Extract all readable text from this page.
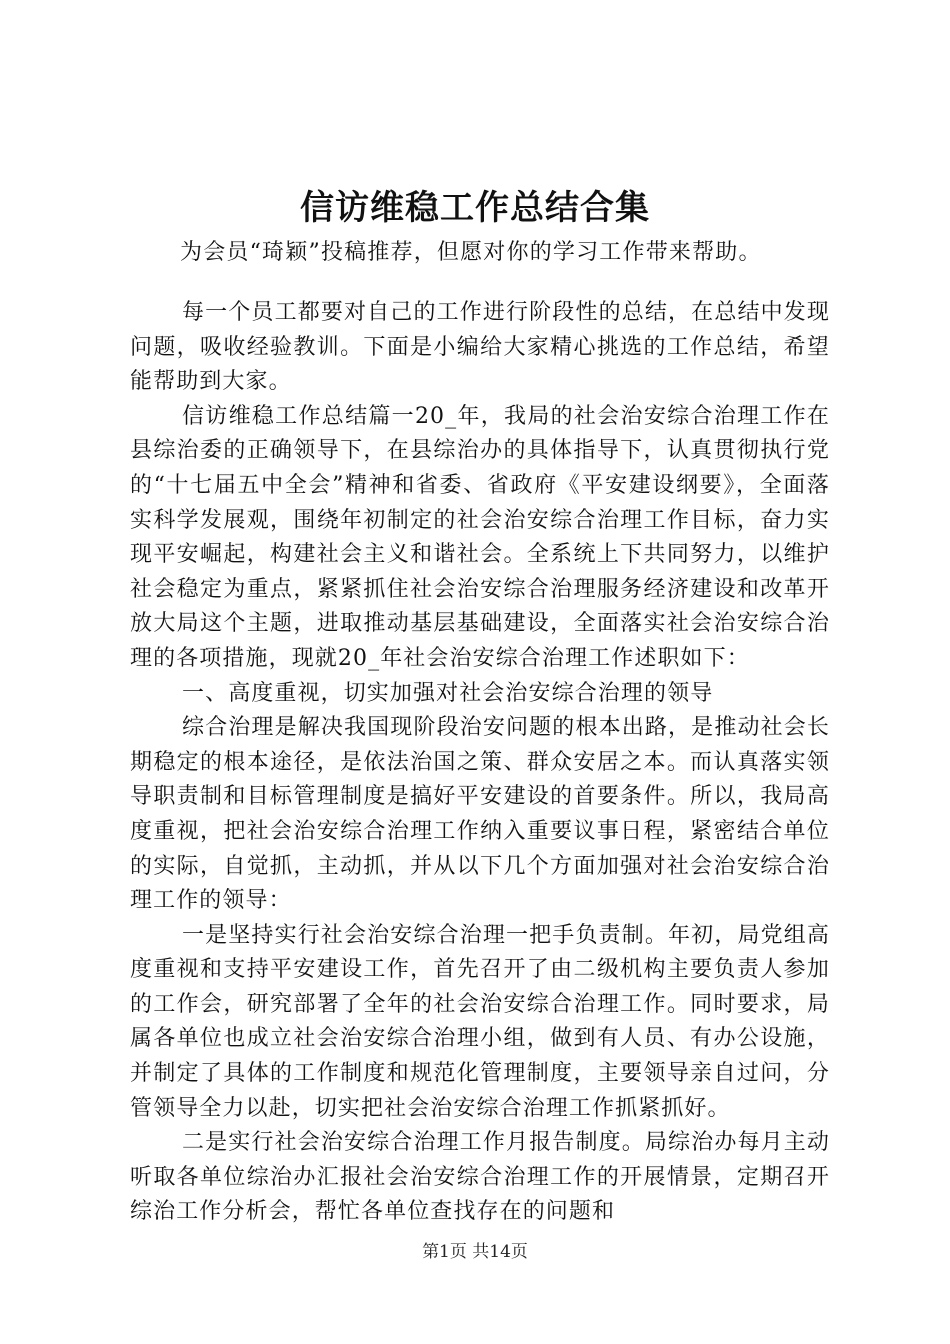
信访维稳工作总结合集
为会员“琦颖”投稿推荐，但愿对你的学习工作带来帮助。

每一个员工都要对自己的工作进行阶段性的总结，在总结中发现问题，吸收经验教训。下面是小编给大家精心挑选的工作总结，希望能帮助到大家。

信访维稳工作总结篇一20_年，我局的社会治安综合治理工作在县综治委的正确领导下，在县综治办的具体指导下，认真贯彻执行党的“十七届五中全会”精神和省委、省政府《平安建设纲要》，全面落实科学发展观，围绕年初制定的社会治安综合治理工作目标，奋力实现平安崛起，构建社会主义和谐社会。全系统上下共同努力，以维护社会稳定为重点，紧紧抓住社会治安综合治理服务经济建设和改革开放大局这个主题，进取推动基层基础建设，全面落实社会治安综合治理的各项措施，现就20_年社会治安综合治理工作述职如下：

一、高度重视，切实加强对社会治安综合治理的领导

综合治理是解决我国现阶段治安问题的根本出路，是推动社会长期稳定的根本途径，是依法治国之策、群众安居之本。而认真落实领导职责制和目标管理制度是搞好平安建设的首要条件。所以，我局高度重视，把社会治安综合治理工作纳入重要议事日程，紧密结合单位的实际，自觉抓，主动抓，并从以下几个方面加强对社会治安综合治理工作的领导：

一是坚持实行社会治安综合治理一把手负责制。年初，局党组高度重视和支持平安建设工作，首先召开了由二级机构主要负责人参加的工作会，研究部署了全年的社会治安综合治理工作。同时要求，局属各单位也成立社会治安综合治理小组，做到有人员、有办公设施，并制定了具体的工作制度和规范化管理制度，主要领导亲自过问，分管领导全力以赴，切实把社会治安综合治理工作抓紧抓好。

二是实行社会治安综合治理工作月报告制度。局综治办每月主动听取各单位综治办汇报社会治安综合治理工作的开展情景，定期召开综治工作分析会，帮忙各单位查找存在的问题和

第1页 共14页
